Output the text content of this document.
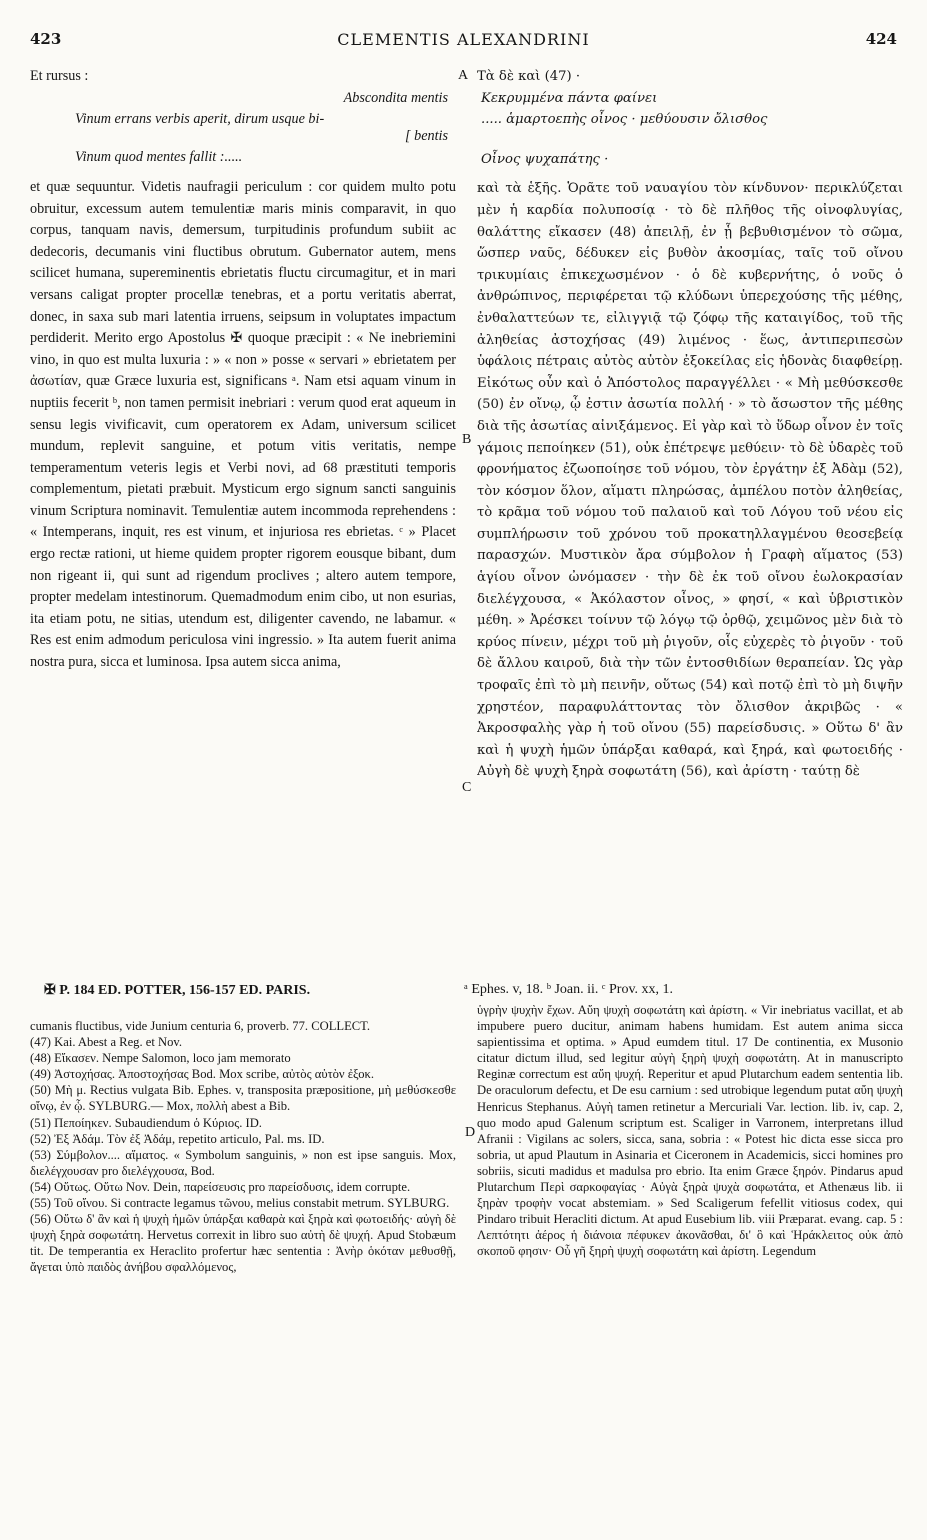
423	CLEMENTIS ALEXANDRINI	424
A
B
C
D

Et rursus :

Abscondita mentis

Vinum errans verbis aperit, dirum usque bi-

[ bentis

Vinum quod mentes fallit :.....

et quæ sequuntur. Videtis naufragii periculum : cor quidem multo potu obruitur, excessum autem temulentiæ maris minis comparavit, in quo corpus, tanquam navis, demersum, turpitudinis profundum subiit ac dedecoris, decumanis vini fluctibus obrutum. Gubernator autem, mens scilicet humana, supereminentis ebrietatis fluctu circumagitur, et in mari versans caligat propter procellæ tenebras, et a portu veritatis aberrat, donec, in saxa sub mari latentia irruens, seipsum in voluptates impactum perdiderit. Merito ergo Apostolus ✠ quoque præcipit : « Ne inebriemini vino, in quo est multa luxuria : » « non » posse « servari » ebrietatem per ἀσωτίαν, quæ Græce luxuria est, significans ᵃ. Nam etsi aquam vinum in nuptiis fecerit ᵇ, non tamen permisit inebriari : verum quod erat aqueum in sensu legis vivificavit, cum operatorem ex Adam, universum scilicet mundum, replevit sanguine, et potum vitis veritatis, nempe temperamentum veteris legis et Verbi novi, ad 68 præstituti temporis complementum, pietati præbuit. Mysticum ergo signum sancti sanguinis vinum Scriptura nominavit. Temulentiæ autem incommoda reprehendens : « Intemperans, inquit, res est vinum, et injuriosa res ebrietas. ᶜ » Placet ergo rectæ rationi, ut hieme quidem propter rigorem eousque bibant, dum non rigeant ii, qui sunt ad rigendum proclives ; altero autem tempore, propter medelam intestinorum. Quemadmodum enim cibo, ut non esurias, ita etiam potu, ne sitias, utendum est, diligenter cavendo, ne labamur. « Res est enim admodum periculosa vini ingressio. » Ita autem fuerit anima nostra pura, sicca et luminosa. Ipsa autem sicca anima,

Τὰ δὲ καὶ (47) ·

Κεκρυμμένα πάντα φαίνει

..... ἁμαρτοεπὴς οἶνος · μεθύουσιν ὄλισθος

Οἶνος ψυχαπάτης ·

καὶ τὰ ἑξῆς. Ὁρᾶτε τοῦ ναυαγίου τὸν κίνδυνον· περικλύζεται μὲν ἡ καρδία πολυποσίᾳ · τὸ δὲ πλῆθος τῆς οἰνοφλυγίας, θαλάττης εἴκασεν (48) ἀπειλῇ, ἐν ᾗ βεβυθισμένον τὸ σῶμα, ὥσπερ ναῦς, δέδυκεν εἰς βυθὸν ἀκοσμίας, ταῖς τοῦ οἴνου τρικυμίαις ἐπικεχωσμένον · ὁ δὲ κυβερνήτης, ὁ νοῦς ὁ ἀνθρώπινος, περιφέρεται τῷ κλύδωνι ὑπερεχούσης τῆς μέθης, ἐνθαλαττεύων τε, εἰλιγγιᾷ τῷ ζόφῳ τῆς καταιγίδος, τοῦ τῆς ἀληθείας ἀστοχήσας (49) λιμένος · ἕως, ἀντιπεριπεσὼν ὑφάλοις πέτραις αὐτὸς αὑτὸν ἐξοκείλας εἰς ἡδονὰς διαφθείρῃ. Εἰκότως οὖν καὶ ὁ Ἀπόστολος παραγγέλλει · « Μὴ μεθύσκεσθε (50) ἐν οἴνῳ, ᾧ ἐστιν ἀσωτία πολλή · » τὸ ἄσωστον τῆς μέθης διὰ τῆς ἀσωτίας αἰνιξάμενος. Εἰ γὰρ καὶ τὸ ὕδωρ οἶνον ἐν τοῖς γάμοις πεποίηκεν (51), οὐκ ἐπέτρεψε μεθύειν· τὸ δὲ ὑδαρὲς τοῦ φρονήματος ἐζωοποίησε τοῦ νόμου, τὸν ἐργάτην ἐξ Ἀδὰμ (52), τὸν κόσμον ὅλον, αἵματι πληρώσας, ἀμπέλου ποτὸν ἀληθείας, τὸ κρᾶμα τοῦ νόμου τοῦ παλαιοῦ καὶ τοῦ Λόγου τοῦ νέου εἰς συμπλήρωσιν τοῦ χρόνου τοῦ προκατηλλαγμένου θεοσεβείᾳ παρασχών. Μυστικὸν ἄρα σύμβολον ἡ Γραφὴ αἵματος (53) ἁγίου οἶνον ὠνόμασεν · τὴν δὲ ἐκ τοῦ οἴνου ἐωλοκρασίαν διελέγχουσα, « Ἀκόλαστον οἶνος, » φησί, « καὶ ὑβριστικὸν μέθη. » Ἀρέσκει τοίνυν τῷ λόγῳ τῷ ὀρθῷ, χειμῶνος μὲν διὰ τὸ κρύος πίνειν, μέχρι τοῦ μὴ ῥιγοῦν, οἷς εὐχερὲς τὸ ῥιγοῦν · τοῦ δὲ ἄλλου καιροῦ, διὰ τὴν τῶν ἐντοσθιδίων θεραπείαν. Ὡς γὰρ τροφαῖς ἐπὶ τὸ μὴ πεινῆν, οὕτως (54) καὶ ποτῷ ἐπὶ τὸ μὴ διψῆν χρηστέον, παραφυλάττοντας τὸν ὄλισθον ἀκριβῶς · « Ἀκροσφαλὴς γὰρ ἡ τοῦ οἴνου (55) παρείσδυσις. » Οὕτω δ' ἂν καὶ ἡ ψυχὴ ἡμῶν ὑπάρξαι καθαρά, καὶ ξηρά, καὶ φωτοειδής · Αὐγὴ δὲ ψυχὴ ξηρὰ σοφωτάτη (56), καὶ ἀρίστη · ταύτῃ δὲ

✠ P. 184 ED. POTTER, 156-157 ED. PARIS.	ᵃ Ephes. v, 18. ᵇ Joan. ii. ᶜ Prov. xx, 1.

cumanis fluctibus, vide Junium centuria 6, proverb. 77. COLLECT.

(47) Kai. Abest a Reg. et Nov.

(48) Εἴκασεν. Nempe Salomon, loco jam memorato

(49) Ἀστοχήσας. Ἀποστοχήσας Bod. Mox scribe, αὐτὸς αὑτὸν ἐξοκ.

(50) Μὴ μ. Rectius vulgata Bib. Ephes. v, transposita præpositione, μὴ μεθύσκεσθε οἴνῳ, ἐν ᾧ. SYLBURG.— Mox, πολλὴ abest a Bib.

(51) Πεποίηκεν. Subaudiendum ὁ Κύριος. ID.

(52) Ἐξ Ἀδάμ. Τὸν ἐξ Ἀδάμ, repetito articulo, Pal. ms. ID.

(53) Σύμβολον.... αἵματος. « Symbolum sanguinis, » non est ipse sanguis. Mox, διελέγχουσαν pro διελέγχουσα, Bod.

(54) Οὕτως. Οὕτω Nov. Dein, παρείσευσις pro παρείσδυσις, idem corrupte.

(55) Τοῦ οἴνου. Si contracte legamus τῶνου, melius constabit metrum. SYLBURG.

(56) Οὕτω δ' ἂν καὶ ἡ ψυχὴ ἡμῶν ὑπάρξαι καθαρὰ καὶ ξηρὰ καὶ φωτοειδής· αὐγὴ δὲ ψυχὴ ξηρὰ σοφωτάτη. Hervetus correxit in libro suo αὐτὴ δὲ ψυχή. Apud Stobæum tit. De temperantia ex Heraclito profertur hæc sententia : Ἀνὴρ ὁκόταν μεθυσθῇ, ἄγεται ὑπὸ παιδὸς ἀνήβου σφαλλόμενος,

ὑγρὴν ψυχὴν ἔχων. Αὔη ψυχὴ σοφωτάτη καὶ ἀρίστη. « Vir inebriatus vacillat, et ab impubere puero ducitur, animam habens humidam. Est autem anima sicca sapientissima et optima. » Apud eumdem titul. 17 De continentia, ex Musonio citatur dictum illud, sed legitur αὐγὴ ξηρὴ ψυχὴ σοφωτάτη. At in manuscripto Reginæ correctum est αὔη ψυχή. Reperitur et apud Plutarchum eadem sententia lib. De oraculorum defectu, et De esu carnium : sed utrobique legendum putat αὔη ψυχὴ Henricus Stephanus. Αὐγὴ tamen retinetur a Mercuriali Var. lection. lib. iv, cap. 2, quo modo apud Galenum scriptum est. Scaliger in Varronem, interpretans illud Afranii : Vigilans ac solers, sicca, sana, sobria : « Potest hic dicta esse sicca pro sobria, ut apud Plautum in Asinaria et Ciceronem in Academicis, sicci homines pro sobriis, sicuti madidus et madulsa pro ebrio. Ita enim Græce ξηρόν. Pindarus apud Plutarchum Περὶ σαρκοφαγίας · Αὐγὰ ξηρὰ ψυχὰ σοφωτάτα, et Athenæus lib. ii ξηρὰν τροφὴν vocat abstemiam. » Sed Scaligerum fefellit vitiosus codex, qui Pindaro tribuit Heracliti dictum. At apud Eusebium lib. viii Præparat. evang. cap. 5 : Λεπτότητι ἀέρος ἡ διάνοια πέφυκεν ἀκονᾶσθαι, δι' ὃ καὶ Ἡράκλειτος οὐκ ἀπὸ σκοποῦ φησιν· Οὗ γῆ ξηρὴ ψυχὴ σοφωτάτη καὶ ἀρίστη. Legendum
